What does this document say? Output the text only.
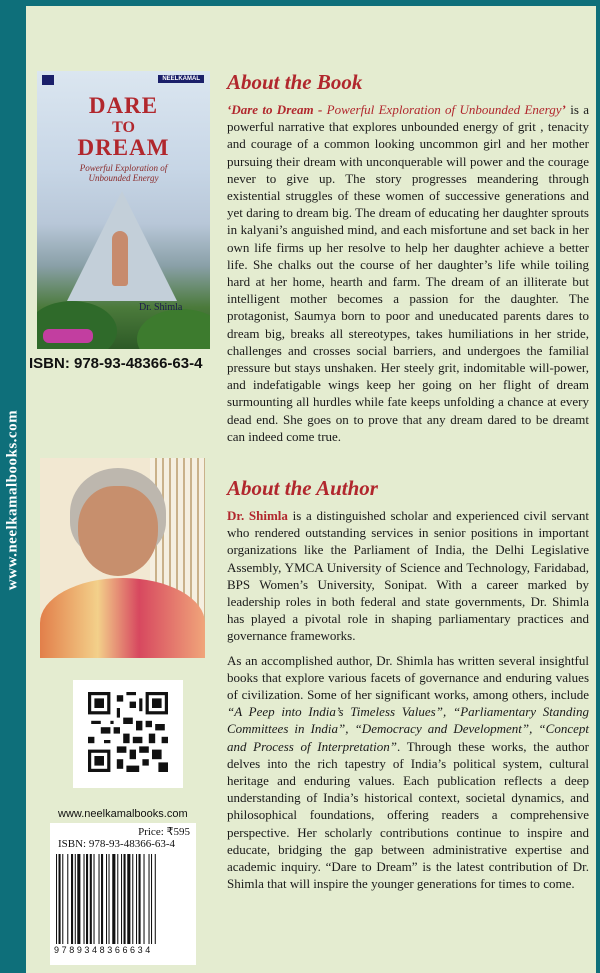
www.neelkamalbooks.com
NEELKAMAL
DARE
TO
DREAM
Powerful Exploration of
Unbounded Energy
Dr. Shimla
ISBN: 978-93-48366-63-4
www.neelkamalbooks.com
Price: ₹595
ISBN: 978-93-48366-63-4
9789348366634
About the Book

‘Dare to Dream - Powerful Exploration of Unbounded Energy’ is a powerful narrative that explores unbounded energy of grit , tenacity and courage of a common looking uncommon girl and her mother pursuing their dream with unconquerable will power and the courage never to give up. The story progresses meandering through existential struggles of these women of successive generations and yet daring to dream big. The dream of educating her daughter sprouts in kalyani’s anguished mind, and each misfortune and set back in her own life firms up her resolve to help her daughter achieve a better life. She chalks out the course of her daughter’s life while toiling hard at her home, hearth and farm. The dream of an illiterate but intelligent mother becomes a passion for the daughter. The protagonist, Saumya born to poor and uneducated parents dares to dream big, breaks all stereotypes, takes humiliations in her stride, challenges and crosses social barriers, and undergoes the familial pressure but stays unshaken. Her steely grit, indomitable will-power, and indefatigable wings keep her going on her flight of dream surmounting all hurdles while fate keeps unfolding a chance at every dead end. She goes on to prove that any dream dared to be dreamt can indeed come true.

About the Author

Dr. Shimla is a distinguished scholar and experienced civil servant who rendered outstanding services in senior positions in important organizations like the Parliament of India, the Delhi Legislative Assembly, YMCA University of Science and Technology, Faridabad, BPS Women’s University, Sonipat. With a career marked by leadership roles in both federal and state governments, Dr. Shimla has played a pivotal role in shaping parliamentary practices and governance frameworks.

As an accomplished author, Dr. Shimla has written several insightful books that explore various facets of governance and enduring values of civilization. Some of her significant works, among others, include “A Peep into India’s Timeless Values”, “Parliamentary Standing Committees in India”, “Democracy and Development”, “Concept and Process of Interpretation”. Through these works, the author delves into the rich tapestry of India’s political system, cultural heritage and enduring values. Each publication reflects a deep understanding of India’s historical context, societal dynamics, and philosophical foundations, offering readers a comprehensive perspective. Her scholarly contributions continue to inspire and educate, bridging the gap between administrative expertise and academic inquiry. “Dare to Dream” is the latest contribution of Dr. Shimla that will inspire the younger generations for times to come.
